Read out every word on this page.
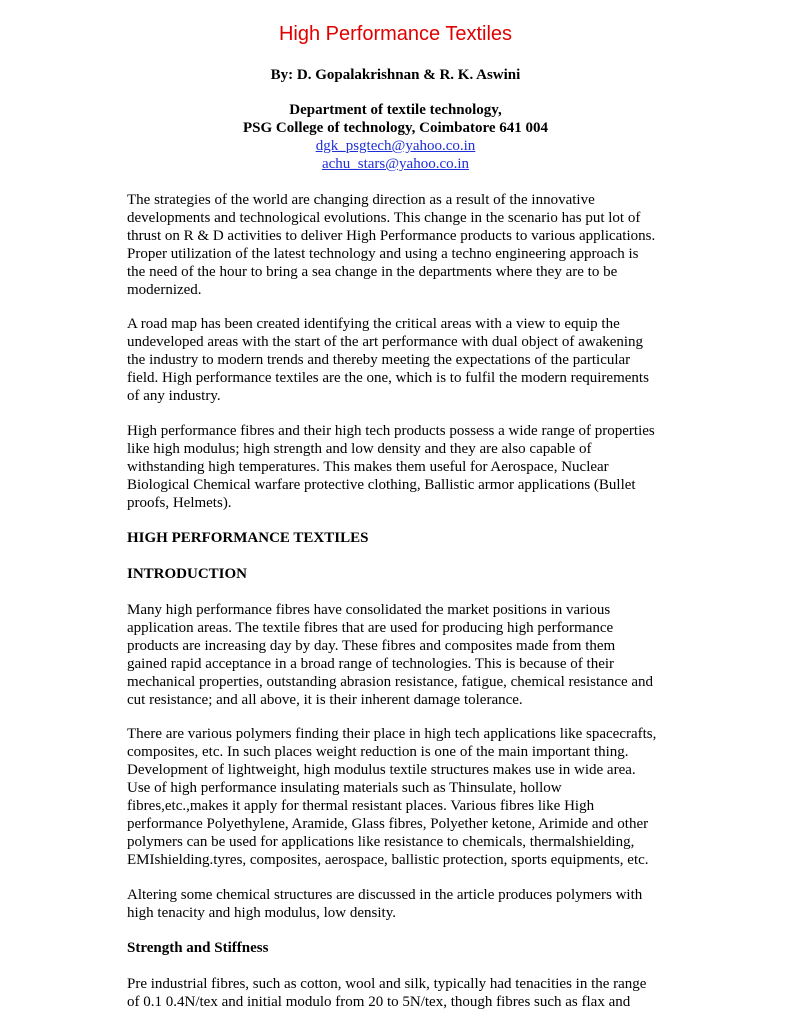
High Performance Textiles
By: D. Gopalakrishnan & R. K. Aswini
Department of textile technology,
PSG College of technology, Coimbatore 641 004
dgk_psgtech@yahoo.co.in
achu_stars@yahoo.co.in
The strategies of the world are changing direction as a result of the innovative
developments and technological evolutions. This change in the scenario has put lot of
thrust on R & D activities to deliver High Performance products to various applications.
Proper utilization of the latest technology and using a techno engineering approach is
the need of the hour to bring a sea change in the departments where they are to be
modernized.
A road map has been created identifying the critical areas with a view to equip the
undeveloped areas with the start of the art performance with dual object of awakening
the industry to modern trends and thereby meeting the expectations of the particular
field. High performance textiles are the one, which is to fulfil the modern requirements
of any industry.
High performance fibres and their high tech products possess a wide range of properties
like high modulus; high strength and low density and they are also capable of
withstanding high temperatures. This makes them useful for Aerospace, Nuclear
Biological Chemical warfare protective clothing, Ballistic armor applications (Bullet
proofs, Helmets).
HIGH PERFORMANCE TEXTILES
INTRODUCTION
Many high performance fibres have consolidated the market positions in various
application areas. The textile fibres that are used for producing high performance
products are increasing day by day. These fibres and composites made from them
gained rapid acceptance in a broad range of technologies. This is because of their
mechanical properties, outstanding abrasion resistance, fatigue, chemical resistance and
cut resistance; and all above, it is their inherent damage tolerance.
There are various polymers finding their place in high tech applications like spacecrafts,
composites, etc. In such places weight reduction is one of the main important thing.
Development of lightweight, high modulus textile structures makes use in wide area.
Use of high performance insulating materials such as Thinsulate, hollow
fibres,etc.,makes it apply for thermal resistant places. Various fibres like High
performance Polyethylene, Aramide, Glass fibres, Polyether ketone, Arimide and other
polymers can be used for applications like resistance to chemicals, thermalshielding,
EMIshielding.tyres, composites, aerospace, ballistic protection, sports equipments, etc.
Altering some chemical structures are discussed in the article produces polymers with
high tenacity and high modulus, low density.
Strength and Stiffness
Pre industrial fibres, such as cotton, wool and silk, typically had tenacities in the range
of 0.1 0.4N/tex and initial modulo from 20 to 5N/tex, though fibres such as flax and
